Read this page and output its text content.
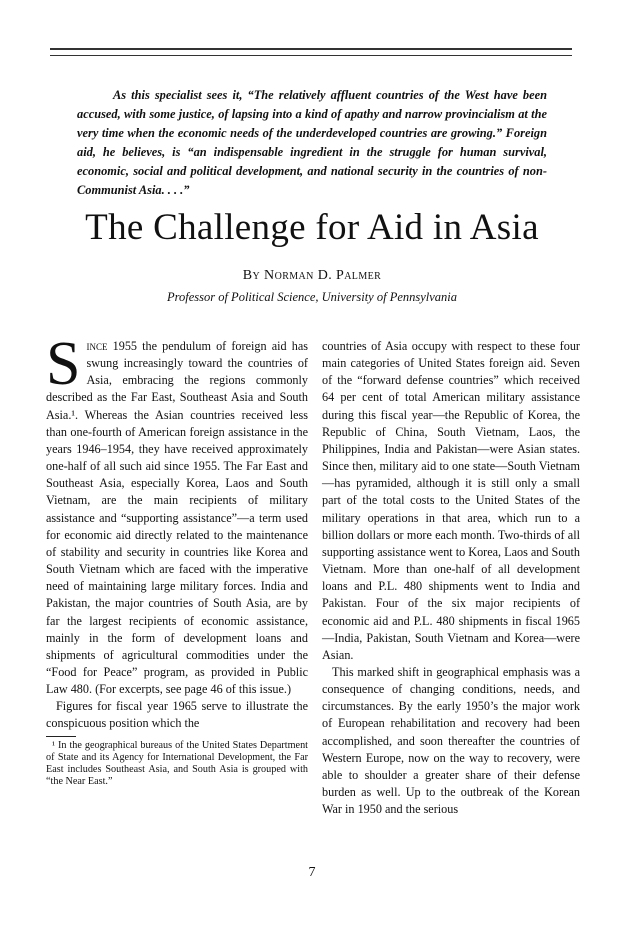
As this specialist sees it, “The relatively affluent countries of the West have been accused, with some justice, of lapsing into a kind of apathy and narrow provincialism at the very time when the economic needs of the underdeveloped countries are growing.” Foreign aid, he believes, is “an indispensable ingredient in the struggle for human survival, economic, social and political development, and national security in the countries of non-Communist Asia. . . .”

The Challenge for Aid in Asia
By Norman D. Palmer
Professor of Political Science, University of Pennsylvania

Since 1955 the pendulum of foreign aid has swung increasingly toward the countries of Asia, embracing the regions commonly described as the Far East, Southeast Asia and South Asia.¹. Whereas the Asian countries received less than one-fourth of American foreign assistance in the years 1946–1954, they have received approximately one-half of all such aid since 1955. The Far East and Southeast Asia, especially Korea, Laos and South Vietnam, are the main recipients of military assistance and “supporting assistance”—a term used for economic aid directly related to the maintenance of stability and security in countries like Korea and South Vietnam which are faced with the imperative need of maintaining large military forces. India and Pakistan, the major countries of South Asia, are by far the largest recipients of economic assistance, mainly in the form of development loans and shipments of agricultural commodities under the “Food for Peace” program, as provided in Public Law 480. (For excerpts, see page 46 of this issue.)

Figures for fiscal year 1965 serve to illustrate the conspicuous position which the

¹ In the geographical bureaus of the United States Department of State and its Agency for International Development, the Far East includes Southeast Asia, and South Asia is grouped with “the Near East.”

countries of Asia occupy with respect to these four main categories of United States foreign aid. Seven of the “forward defense countries” which received 64 per cent of total American military assistance during this fiscal year—the Republic of Korea, the Republic of China, South Vietnam, Laos, the Philippines, India and Pakistan—were Asian states. Since then, military aid to one state—South Vietnam—has pyramided, although it is still only a small part of the total costs to the United States of the military operations in that area, which run to a billion dollars or more each month. Two-thirds of all supporting assistance went to Korea, Laos and South Vietnam. More than one-half of all development loans and P.L. 480 shipments went to India and Pakistan. Four of the six major recipients of economic aid and P.L. 480 shipments in fiscal 1965—India, Pakistan, South Vietnam and Korea—were Asian.

This marked shift in geographical emphasis was a consequence of changing conditions, needs, and circumstances. By the early 1950’s the major work of European rehabilitation and recovery had been accomplished, and soon thereafter the countries of Western Europe, now on the way to recovery, were able to shoulder a greater share of their defense burden as well. Up to the outbreak of the Korean War in 1950 and the serious

7
